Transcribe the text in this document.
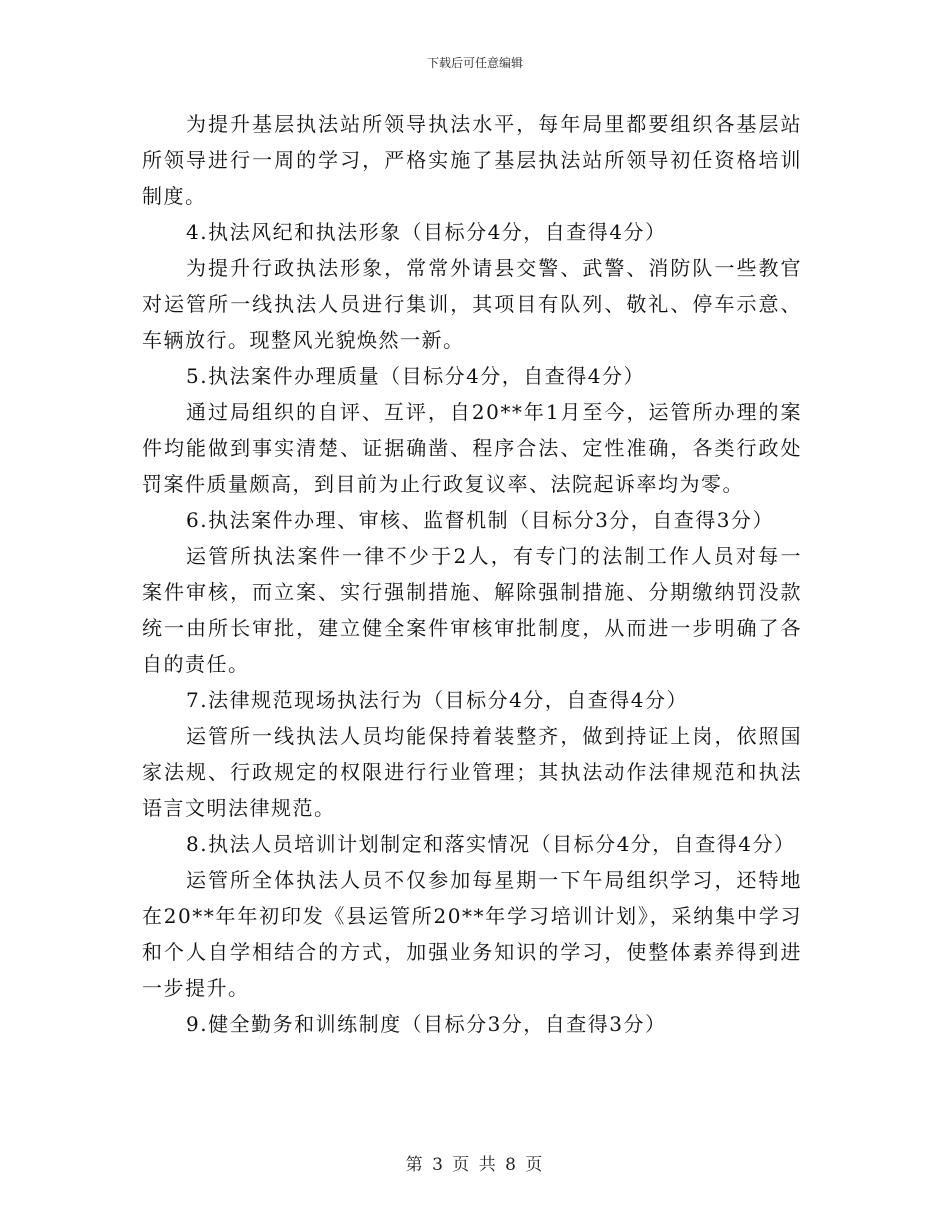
下载后可任意编辑

为提升基层执法站所领导执法水平，每年局里都要组织各基层站所领导进行一周的学习，严格实施了基层执法站所领导初任资格培训制度。

4.执法风纪和执法形象（目标分4分，自查得4分）

为提升行政执法形象，常常外请县交警、武警、消防队一些教官对运管所一线执法人员进行集训，其项目有队列、敬礼、停车示意、车辆放行。现整风光貌焕然一新。

5.执法案件办理质量（目标分4分，自查得4分）

通过局组织的自评、互评，自20**年1月至今，运管所办理的案件均能做到事实清楚、证据确凿、程序合法、定性准确，各类行政处罚案件质量颇高，到目前为止行政复议率、法院起诉率均为零。

6.执法案件办理、审核、监督机制（目标分3分，自查得3分）

运管所执法案件一律不少于2人，有专门的法制工作人员对每一案件审核，而立案、实行强制措施、解除强制措施、分期缴纳罚没款统一由所长审批，建立健全案件审核审批制度，从而进一步明确了各自的责任。

7.法律规范现场执法行为（目标分4分，自查得4分）

运管所一线执法人员均能保持着装整齐，做到持证上岗，依照国家法规、行政规定的权限进行行业管理；其执法动作法律规范和执法语言文明法律规范。

8.执法人员培训计划制定和落实情况（目标分4分，自查得4分）

运管所全体执法人员不仅参加每星期一下午局组织学习，还特地在20**年年初印发《县运管所20**年学习培训计划》，采纳集中学习和个人自学相结合的方式，加强业务知识的学习，使整体素养得到进一步提升。

9.健全勤务和训练制度（目标分3分，自查得3分）

第 3 页 共 8 页
